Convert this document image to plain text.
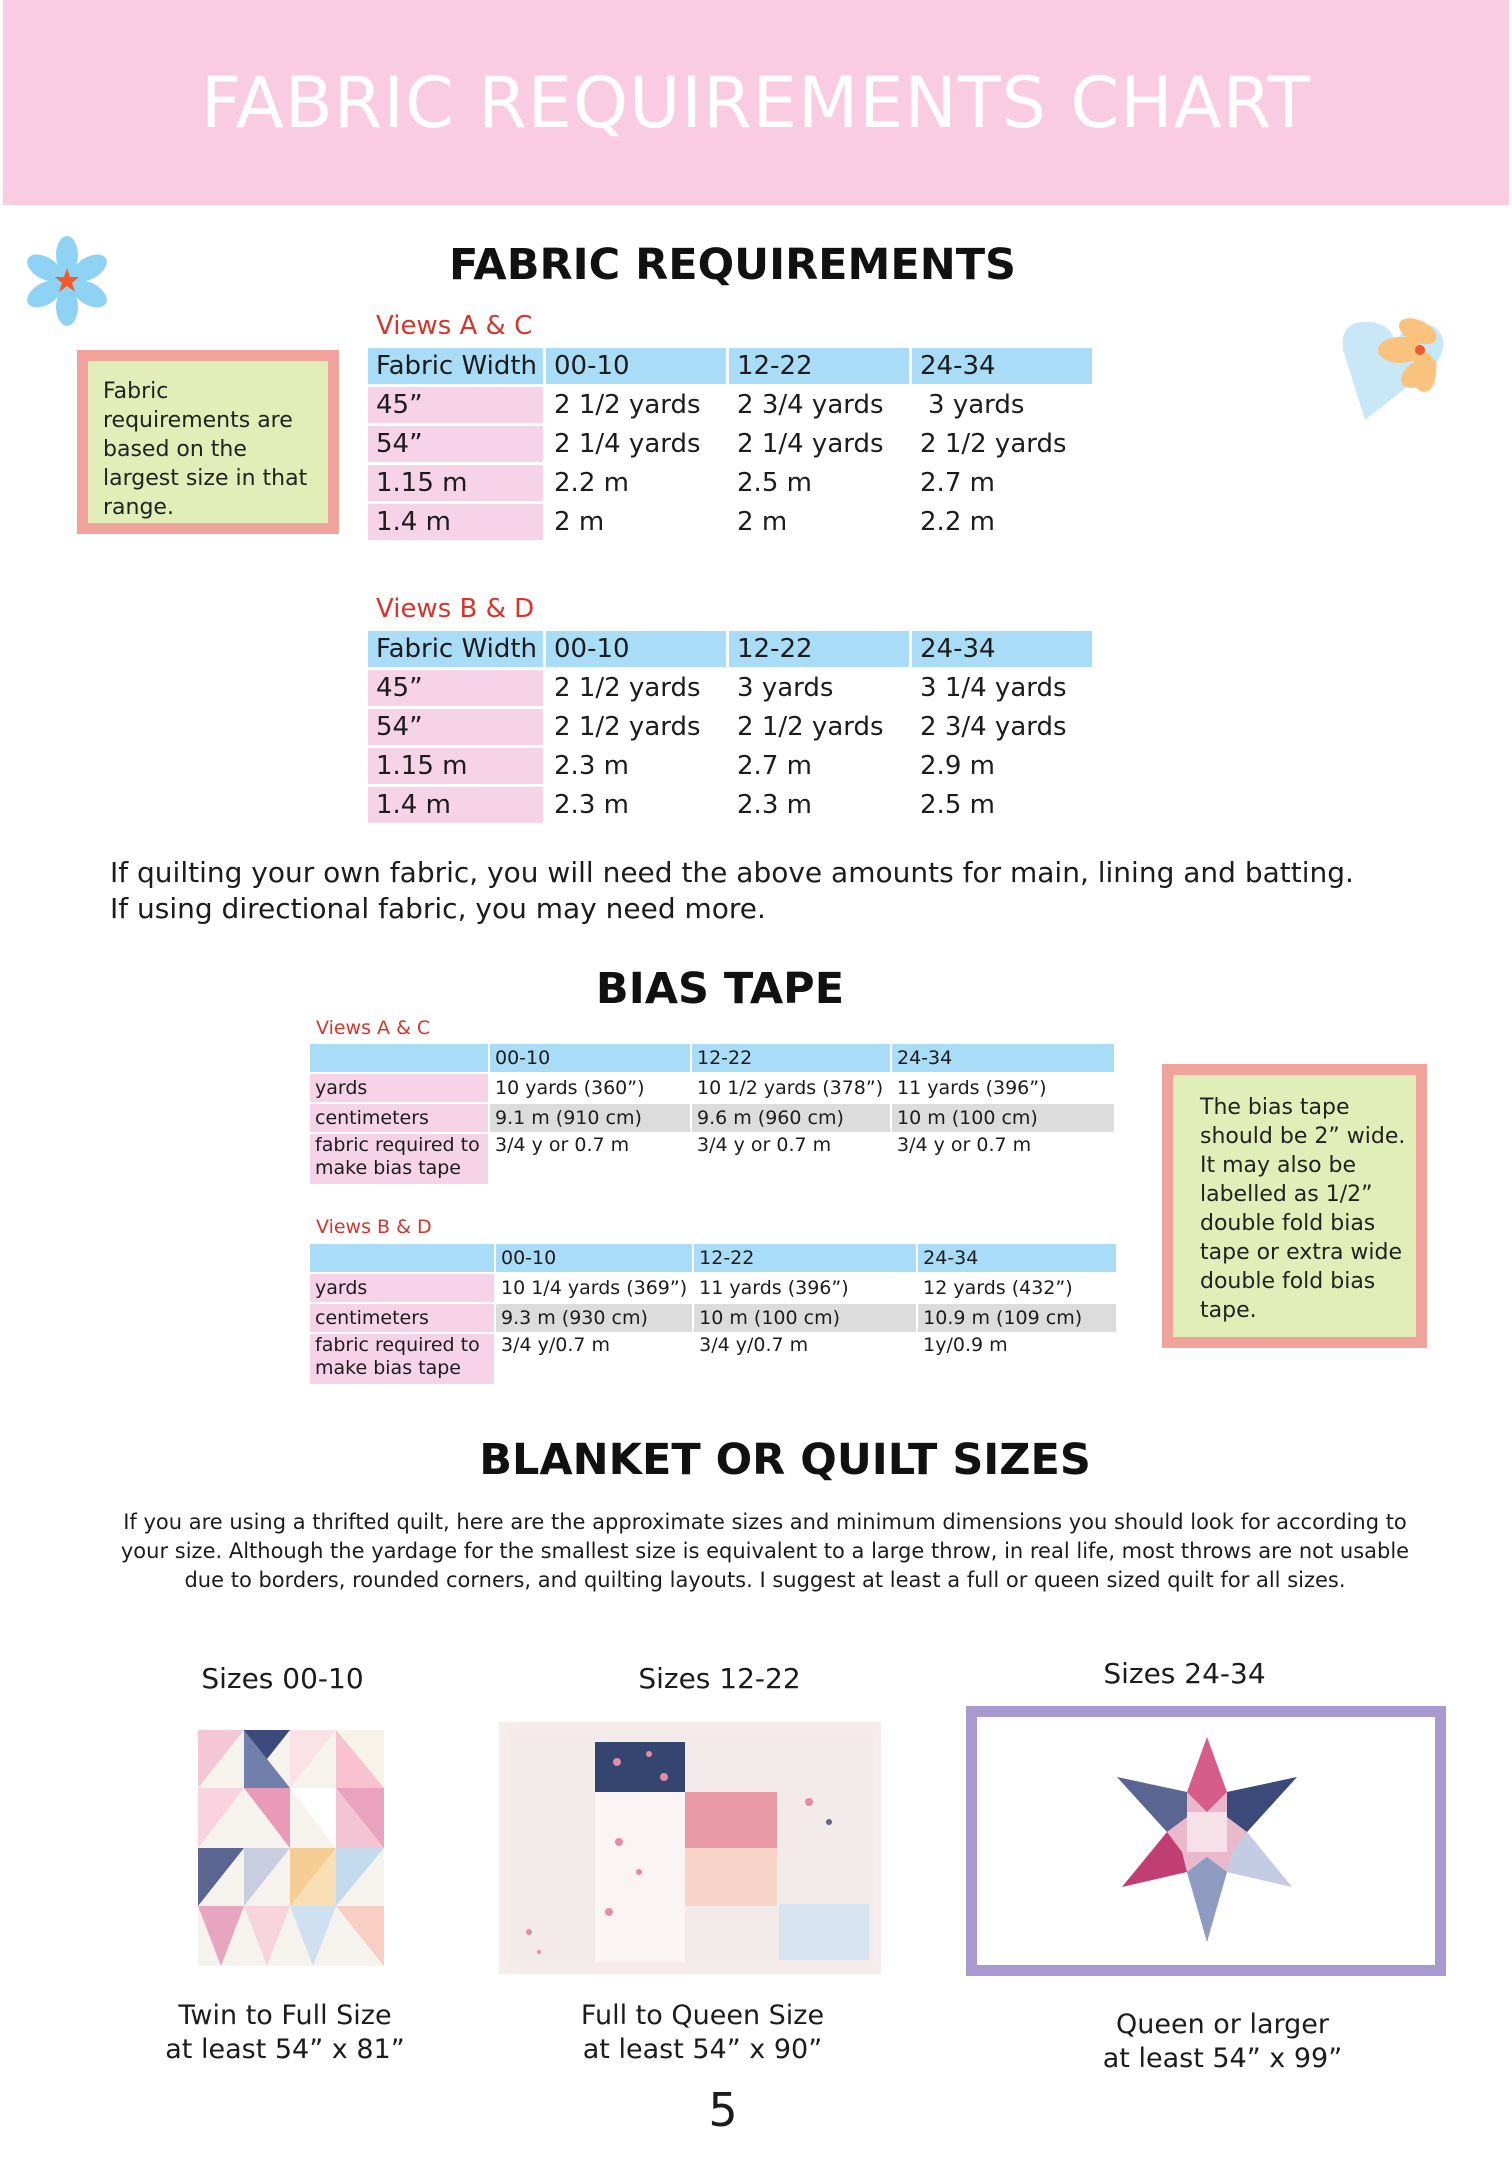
FABRIC REQUIREMENTS CHART
FABRIC REQUIREMENTS
Fabric requirements are based on the largest size in that range.

Views A & C

Fabric Width	00-10	12-22	24-34
45”	2 1/2 yards	2 3/4 yards	3 yards
54”	2 1/4 yards	2 1/4 yards	2 1/2 yards
1.15 m	2.2 m	2.5 m	2.7 m
1.4 m	2 m	2 m	2.2 m

Views B & D

Fabric Width	00-10	12-22	24-34
45”	2 1/2 yards	3 yards	3 1/4 yards
54”	2 1/2 yards	2 1/2 yards	2 3/4 yards
1.15 m	2.3 m	2.7 m	2.9 m
1.4 m	2.3 m	2.3 m	2.5 m

If quilting your own fabric, you will need the above amounts for main, lining and batting.

If using directional fabric, you may need more.

BIAS TAPE

Views A & C

	00-10	12-22	24-34
yards	10 yards (360”)	10 1/2 yards (378”)	11 yards (396”)
centimeters	9.1 m (910 cm)	9.6 m (960 cm)	10 m (100 cm)
fabric required to make bias tape	3/4 y or 0.7 m	3/4 y or 0.7 m	3/4 y or 0.7 m

Views B & D

	00-10	12-22	24-34
yards	10 1/4 yards (369”)	11 yards (396”)	12 yards (432”)
centimeters	9.3 m (930 cm)	10 m (100 cm)	10.9 m (109 cm)
fabric required to make bias tape	3/4 y/0.7 m	3/4 y/0.7 m	1y/0.9 m
The bias tape should be 2” wide. It may also be labelled as 1/2” double fold bias tape or extra wide double fold bias tape.
BLANKET OR QUILT SIZES

If you are using a thrifted quilt, here are the approximate sizes and minimum dimensions you should look for according to your size. Although the yardage for the smallest size is equivalent to a large throw, in real life, most throws are not usable due to borders, rounded corners, and quilting layouts. I suggest at least a full or queen sized quilt for all sizes.

Sizes 00-10

Twin to Full Size

at least 54” x 81”

Sizes 12-22

Full to Queen Size

at least 54” x 90”

Sizes 24-34

Queen or larger

at least 54” x 99”

5
